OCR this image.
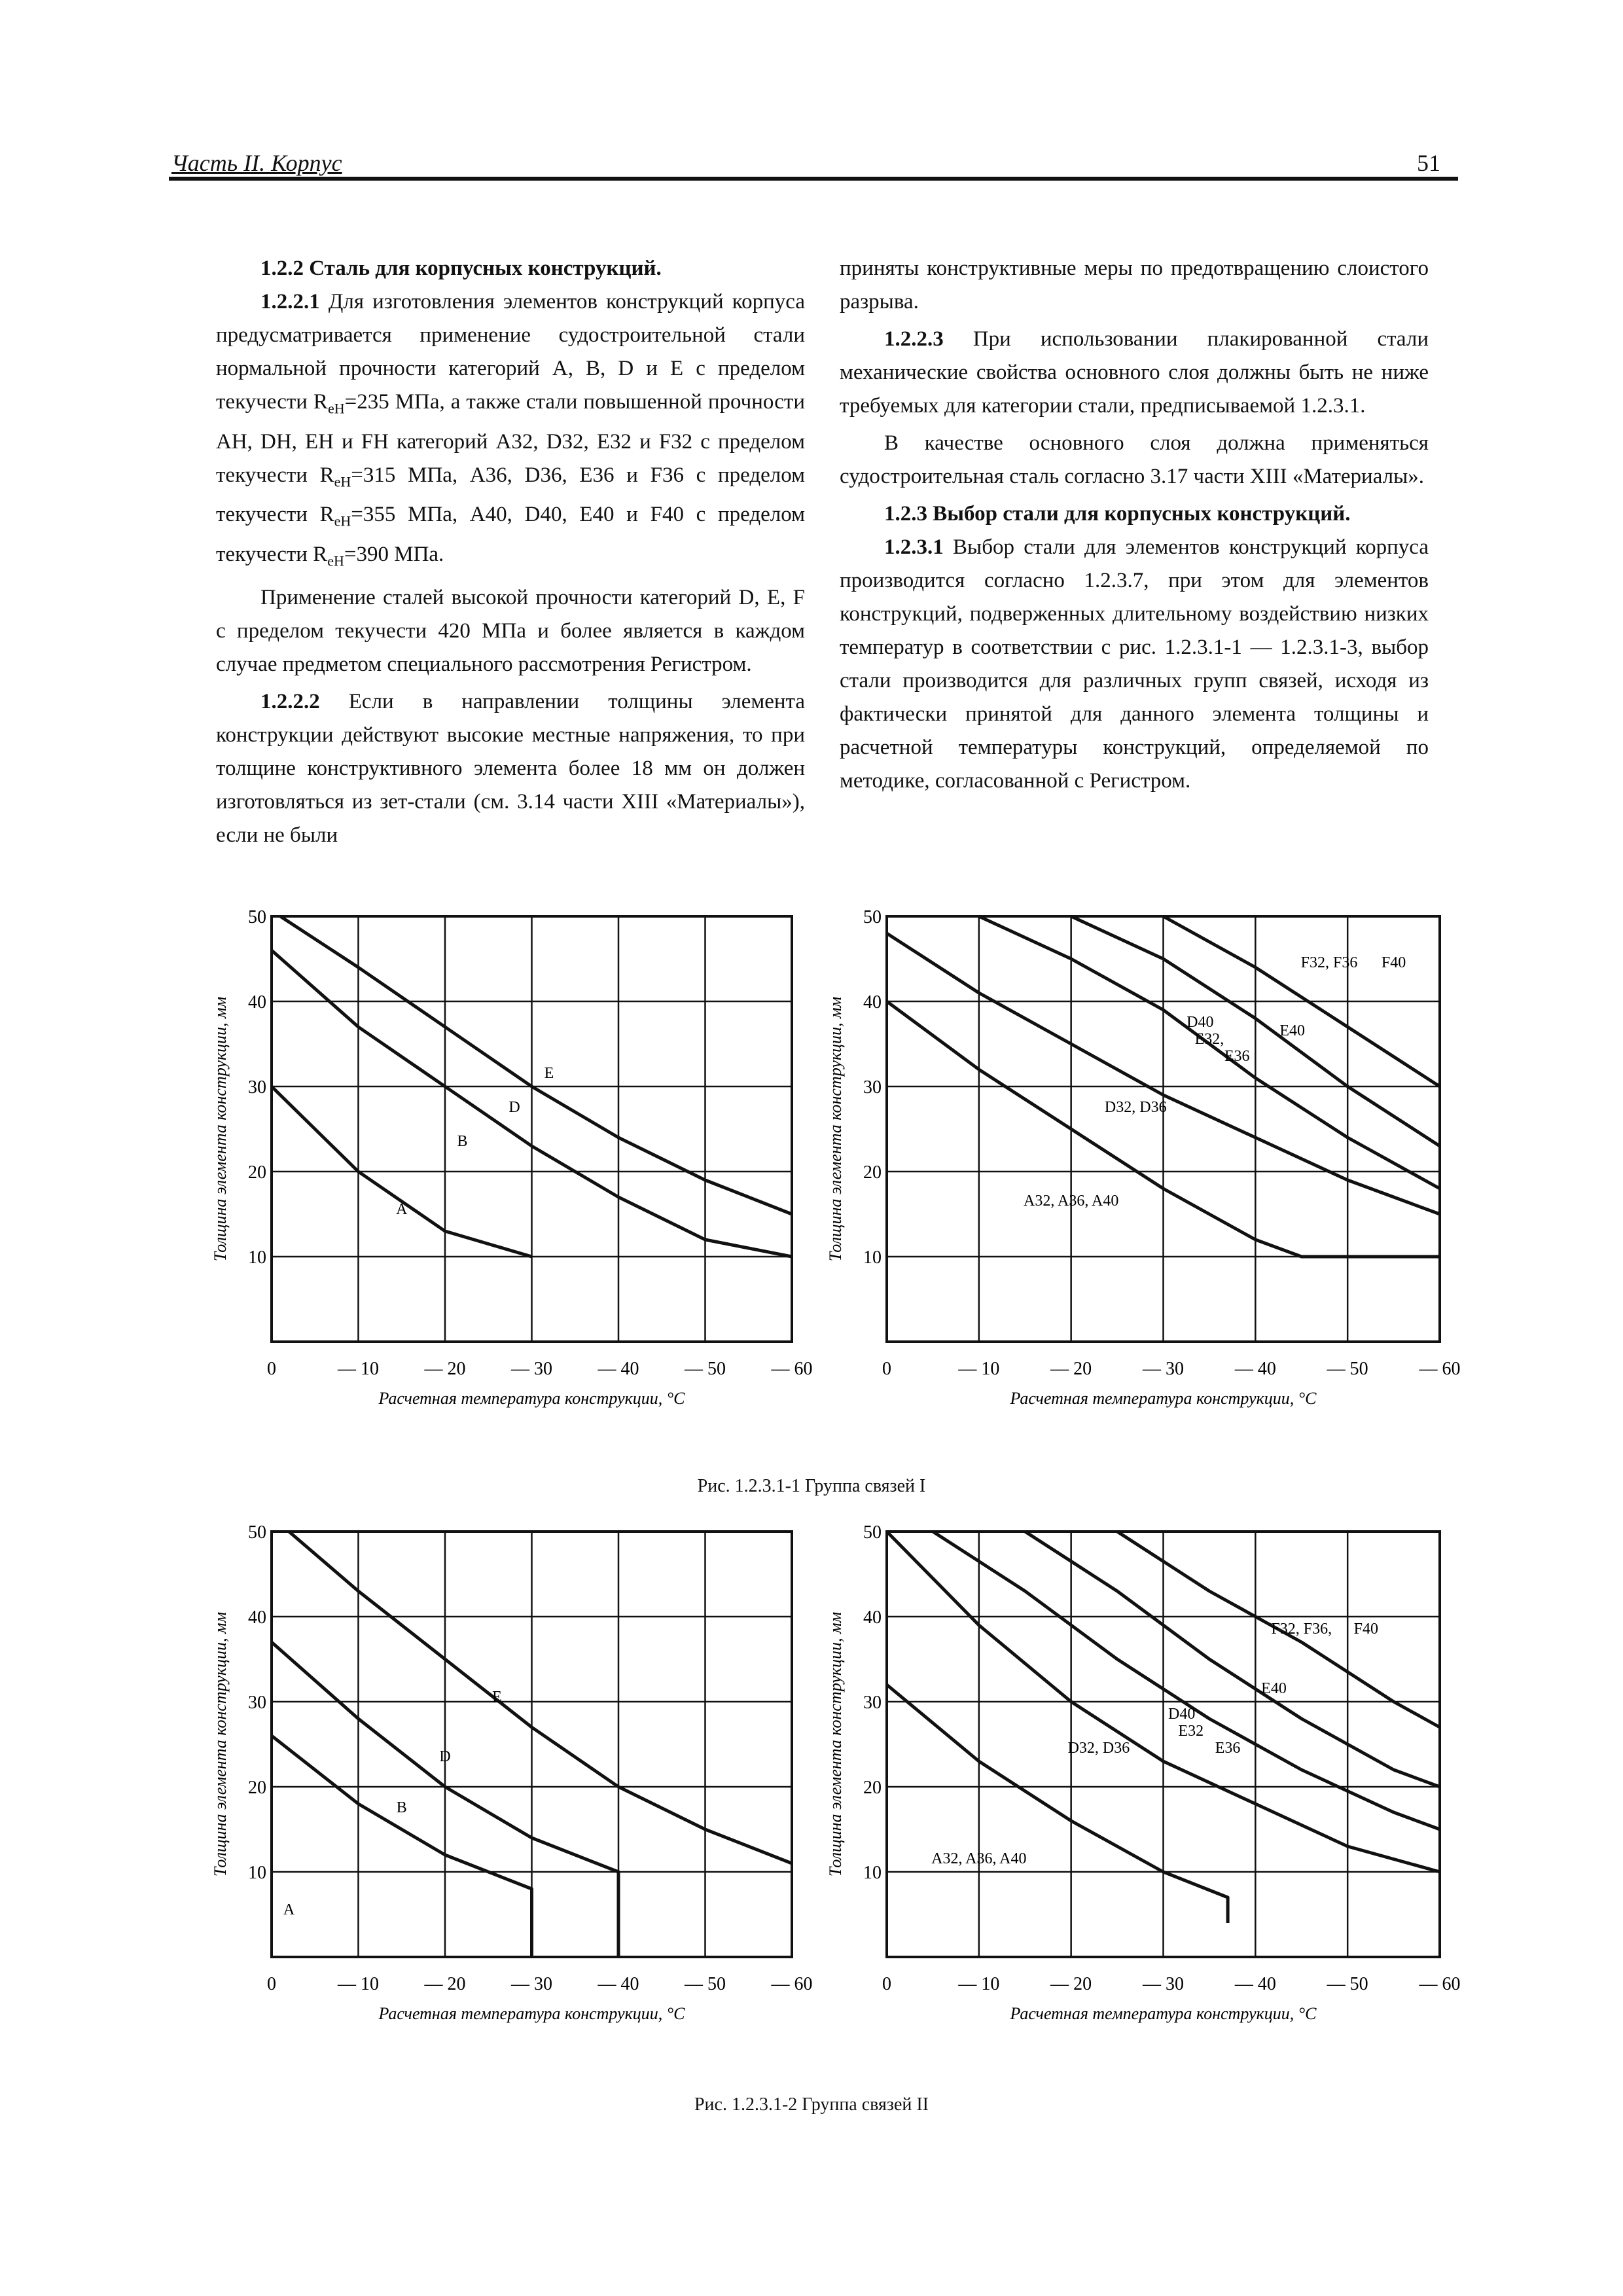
Часть II. Корпус	51

1.2.2 Сталь для корпусных конструкций.

1.2.2.1 Для изготовления элементов конструкций корпуса предусматривается применение судостроительной стали нормальной прочности категорий A, B, D и E с пределом текучести $R_{eH}=235$ МПа, а также стали повышенной прочности AH, DH, EH и FH категорий A32, D32, E32 и F32 с пределом текучести $R_{eH}=315$ МПа, A36, D36, E36 и F36 с пределом текучести $R_{eH}=355$ МПа, A40, D40, E40 и F40 с пределом текучести $R_{eH}=390$ МПа.

Применение сталей высокой прочности категорий D, E, F с пределом текучести 420 МПа и более является в каждом случае предметом специального рассмотрения Регистром.

1.2.2.2 Если в направлении толщины элемента конструкции действуют высокие местные напряжения, то при толщине конструктивного элемента более 18 мм он должен изготовляться из зет-стали (см. 3.14 части XIII «Материалы»), если не были

приняты конструктивные меры по предотвращению слоистого разрыва.

1.2.2.3 При использовании плакированной стали механические свойства основного слоя должны быть не ниже требуемых для категории стали, предписываемой 1.2.3.1.

В качестве основного слоя должна применяться судостроительная сталь согласно 3.17 части XIII «Материалы».

1.2.3 Выбор стали для корпусных конструкций.

1.2.3.1 Выбор стали для элементов конструкций корпуса производится согласно 1.2.3.7, при этом для элементов конструкций, подверженных длительному воздействию низких температур в соответствии с рис. 1.2.3.1-1 — 1.2.3.1-3, выбор стали производится для различных групп связей, исходя из фактически принятой для данного элемента толщины и расчетной температуры конструкций, определяемой по методике, согласованной с Регистром.

10
20
30
40
50
0	— 10 — 20 — 30 — 40 — 50 — 60
Расчетная температура конструкции, °C
Толщина элемента конструкции, мм	A
B
D
E
10
20
30
40
50
0	— 10	— 20	— 30	— 40	— 50	— 60
Расчетная температура конструкции, °C
Толщина элемента конструкции, мм	A32, A36, A40
D32, D36
D40
E32,
E36
E40
F32, F36 F40
Рис. 1.2.3.1-1 Группа связей I
10
20
30
40
50
0	— 10 — 20 — 30 — 40 — 50 — 60
Расчетная температура конструкции, °C
Толщина элемента конструкции, мм
A
B
D
E
10
20
30
40
50
0	— 10	— 20	— 30	— 40	— 50	— 60
Расчетная температура конструкции, °C
Толщина элемента конструкции, мм	A32, A36, A40
D32, D36
D40
E32
E36
E40
F32, F36, F40
Рис. 1.2.3.1-2 Группа связей II
